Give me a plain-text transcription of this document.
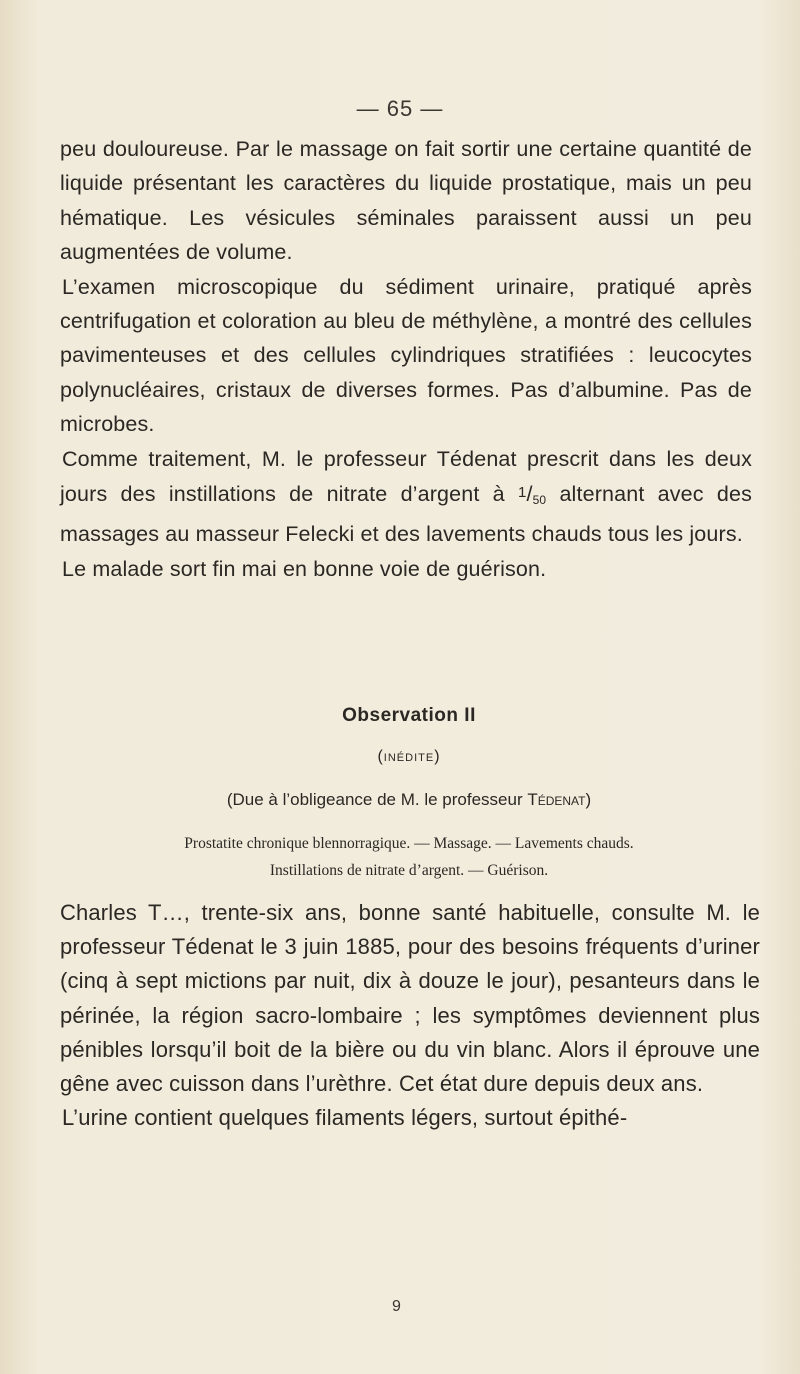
— 65 —

peu douloureuse. Par le massage on fait sortir une certaine quantité de liquide présentant les caractères du liquide prostatique, mais un peu hématique. Les vésicules séminales paraissent aussi un peu augmentées de volume.

L’examen microscopique du sédiment urinaire, pratiqué après centrifugation et coloration au bleu de méthylène, a montré des cellules pavimenteuses et des cellules cylindriques stratifiées : leucocytes polynucléaires, cristaux de diverses formes. Pas d’albumine. Pas de microbes.

Comme traitement, M. le professeur Tédenat prescrit dans les deux jours des instillations de nitrate d’argent à 1/50 alternant avec des massages au masseur Felecki et des lavements chauds tous les jours.

Le malade sort fin mai en bonne voie de guérison.

Observation II
(inédite)
(Due à l’obligeance de M. le professeur Tédenat)
Prostatite chronique blennorragique. — Massage. — Lavements chauds.
Instillations de nitrate d’argent. — Guérison.

Charles T…, trente-six ans, bonne santé habituelle, consulte M. le professeur Tédenat le 3 juin 1885, pour des besoins fréquents d’uriner (cinq à sept mictions par nuit, dix à douze le jour), pesanteurs dans le périnée, la région sacro-lombaire ; les symptômes deviennent plus pénibles lorsqu’il boit de la bière ou du vin blanc. Alors il éprouve une gêne avec cuisson dans l’urèthre. Cet état dure depuis deux ans.

L’urine contient quelques filaments légers, surtout épithé-

9
